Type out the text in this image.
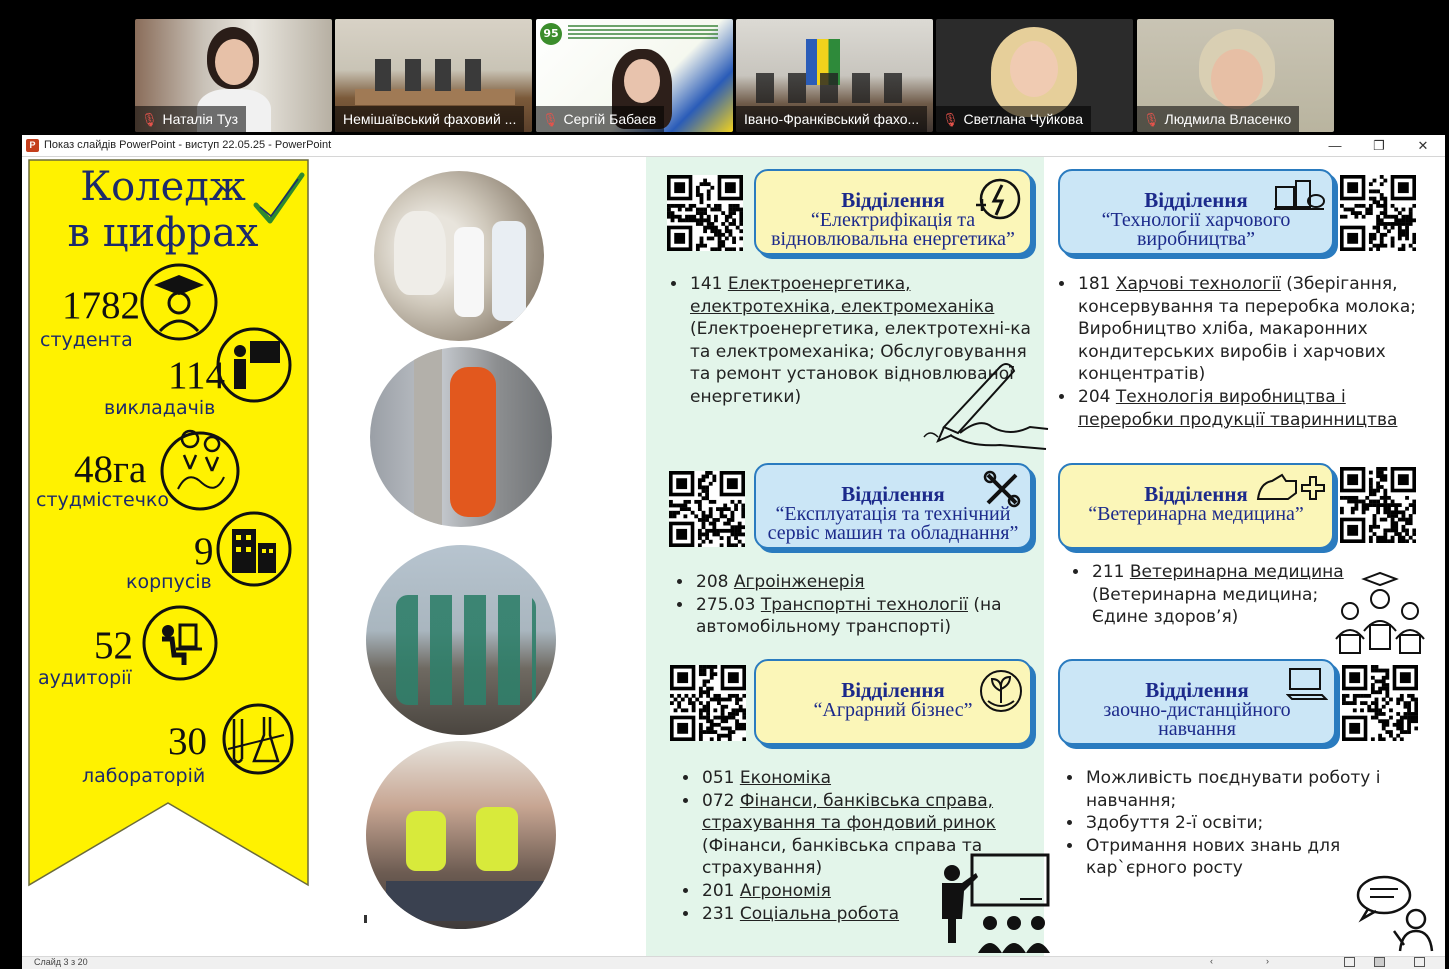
🎙 Наталія Туз	Немішаївський фаховий ...
95
🎙 Сергій Бабаєв	Івано-Франківський фахо...	🎙 Светлана Чуйкова	🎙 Людмила Власенко
P Показ слайдів PowerPoint - виступ 22.05.25 - PowerPoint	—	❐	✕
Коледж
в цифрах
1782
студента
114
викладачів
48га
студмістечко
9
корпусів
52
аудиторії
30
лабораторій
Відділення
“Електрифікація та
відновлювальна енергетика”
• 141 Електроенергетика, електротехніка, електромеханіка (Електроенергетика, електротехні-ка та електромеханіка; Обслуговування та ремонт установок відновлюваної енергетики)
Відділення
“Технології харчового
виробництва”
• 181 Харчові технології (Зберігання, консервування та переробка молока; Виробництво хліба, макаронних кондитерських виробів і харчових концентратів)
• 204 Технологія виробництва і переробки продукції тваринництва
Відділення
“Експлуатація та технічний
сервіс машин та обладнання”
• 208 Агроінженерія
• 275.03 Транспортні технології (на автомобільному транспорті)
Відділення
“Ветеринарна медицина”
• 211 Ветеринарна медицина (Ветеринарна медицина; Єдине здоров’я)
Відділення
“Аграрний бізнес”
• 051 Економіка
• 072 Фінанси, банківська справа, страхування та фондовий ринок (Фінанси, банківська справа та страхування)
• 201 Агрономія
• 231 Соціальна робота
Відділення
заочно-дистанційного
навчання
• Можливість поєднувати роботу і навчання;
• Здобуття 2-ї освіти;
• Отримання нових знань для кар`єрного росту
Слайд 3 з 20	‹	›
